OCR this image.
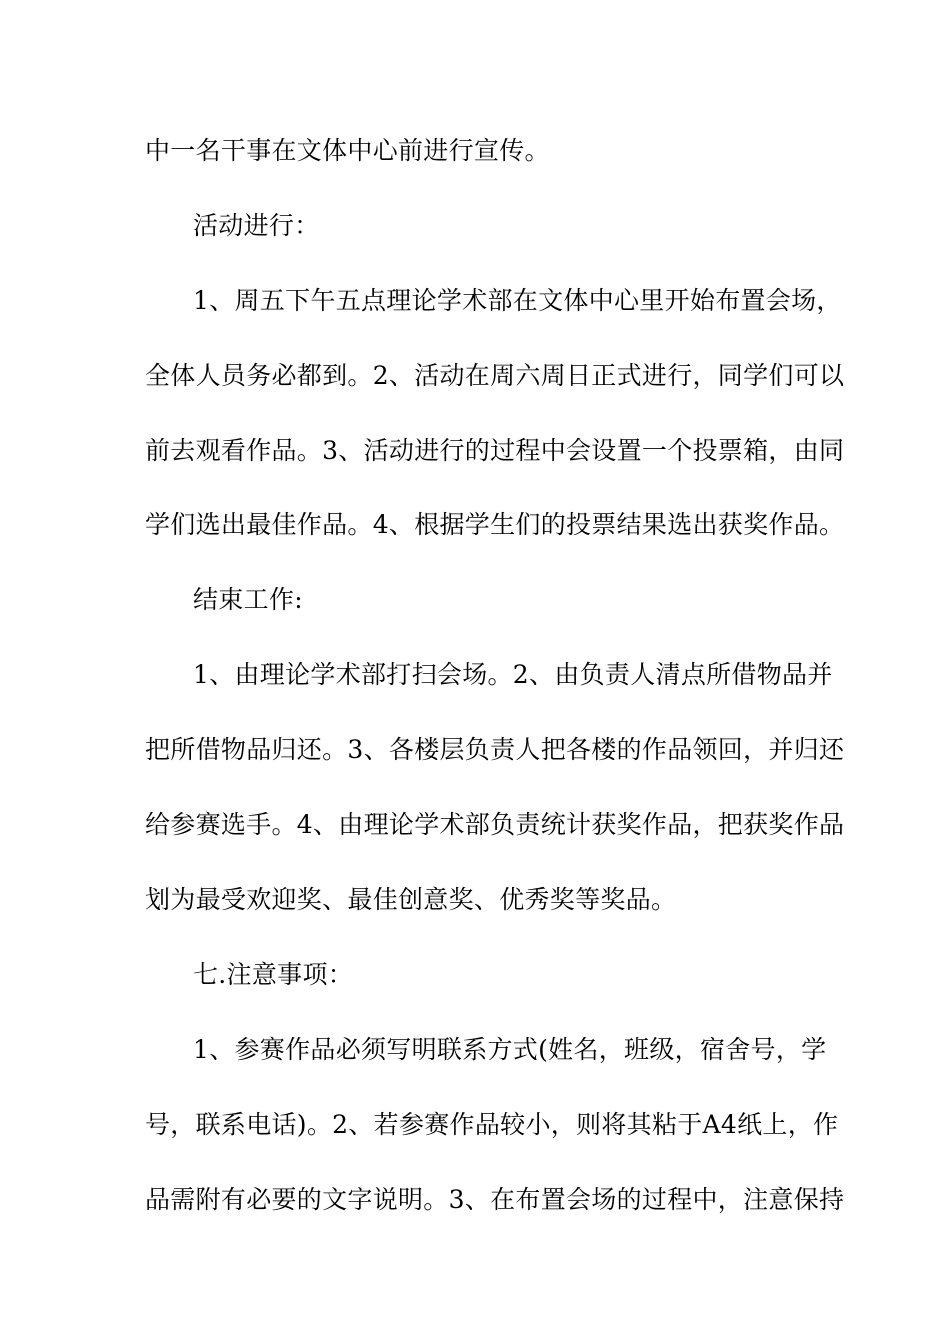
中一名干事在文体中心前进行宣传。
活动进行：
1、周五下午五点理论学术部在文体中心里开始布置会场，
全体人员务必都到。2、活动在周六周日正式进行，同学们可以
前去观看作品。3、活动进行的过程中会设置一个投票箱，由同
学们选出最佳作品。4、根据学生们的投票结果选出获奖作品。
结束工作:
1、由理论学术部打扫会场。2、由负责人清点所借物品并
把所借物品归还。3、各楼层负责人把各楼的作品领回，并归还
给参赛选手。4、由理论学术部负责统计获奖作品，把获奖作品
划为最受欢迎奖、最佳创意奖、优秀奖等奖品。
七.注意事项：
1、参赛作品必须写明联系方式(姓名，班级，宿舍号，学
号，联系电话)。2、若参赛作品较小，则将其粘于A4纸上，作
品需附有必要的文字说明。3、在布置会场的过程中，注意保持
